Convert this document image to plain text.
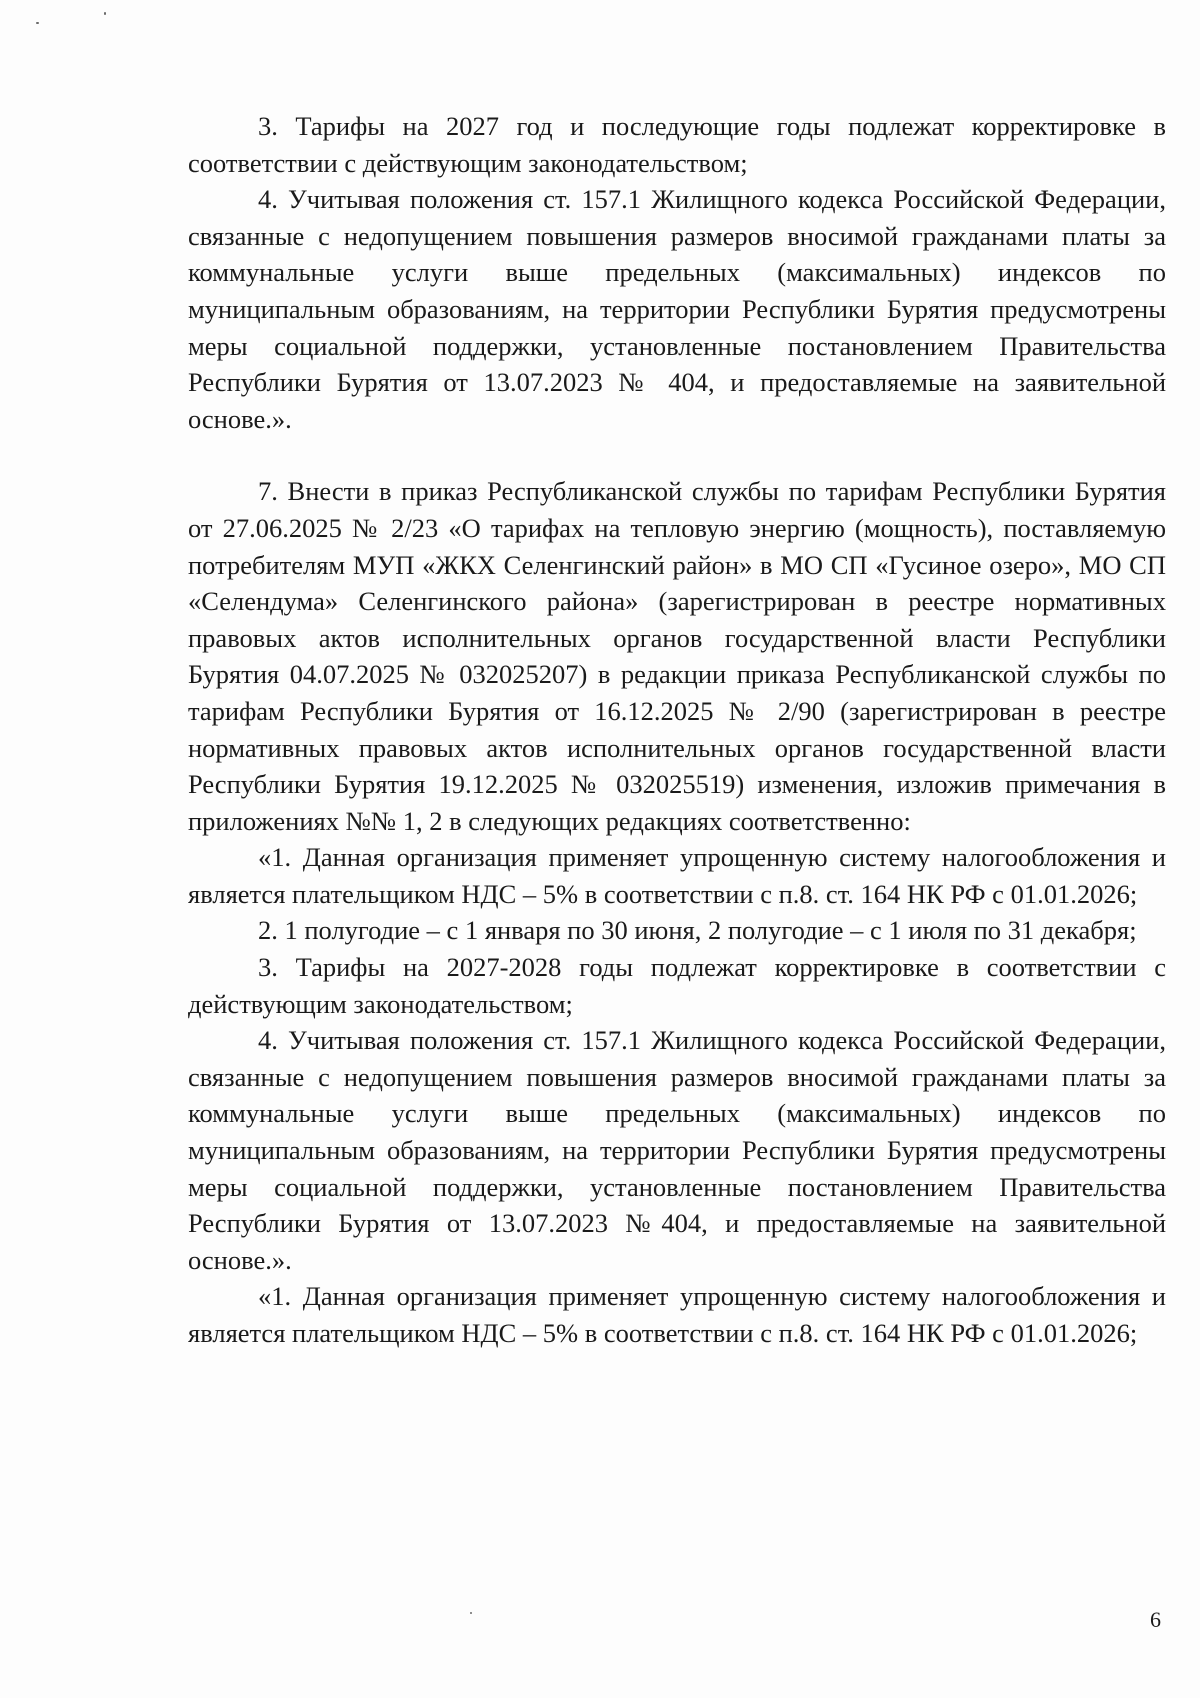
3. Тарифы на 2027 год и последующие годы подлежат корректировке в соответствии с действующим законодательством;

4. Учитывая положения ст. 157.1 Жилищного кодекса Российской Федерации, связанные с недопущением повышения размеров вносимой гражданами платы за коммунальные услуги выше предельных (максимальных) индексов по муниципальным образованиям, на территории Республики Бурятия предусмотрены меры социальной поддержки, установленные постановлением Правительства Республики Бурятия от 13.07.2023 № 404, и предоставляемые на заявительной основе.».

7. Внести в приказ Республиканской службы по тарифам Республики Бурятия от 27.06.2025 № 2/23 «О тарифах на тепловую энергию (мощность), поставляемую потребителям МУП «ЖКХ Селенгинский район» в МО СП «Гусиное озеро», МО СП «Селендума» Селенгинского района» (зарегистрирован в реестре нормативных правовых актов исполнительных органов государственной власти Республики Бурятия 04.07.2025 № 032025207) в редакции приказа Республиканской службы по тарифам Республики Бурятия от 16.12.2025 № 2/90 (зарегистрирован в реестре нормативных правовых актов исполнительных органов государственной власти Республики Бурятия 19.12.2025 № 032025519) изменения, изложив примечания в приложениях №№ 1, 2 в следующих редакциях соответственно:

«1. Данная организация применяет упрощенную систему налогообложения и является плательщиком НДС – 5% в соответствии с п.8. ст. 164 НК РФ с 01.01.2026;

2. 1 полугодие – с 1 января по 30 июня, 2 полугодие – с 1 июля по 31 декабря;

3. Тарифы на 2027-2028 годы подлежат корректировке в соответствии с действующим законодательством;

4. Учитывая положения ст. 157.1 Жилищного кодекса Российской Федерации, связанные с недопущением повышения размеров вносимой гражданами платы за коммунальные услуги выше предельных (максимальных) индексов по муниципальным образованиям, на территории Республики Бурятия предусмотрены меры социальной поддержки, установленные постановлением Правительства Республики Бурятия от 13.07.2023 №404, и предоставляемые на заявительной основе.».

«1. Данная организация применяет упрощенную систему налогообложения и является плательщиком НДС – 5% в соответствии с п.8. ст. 164 НК РФ с 01.01.2026;

6
